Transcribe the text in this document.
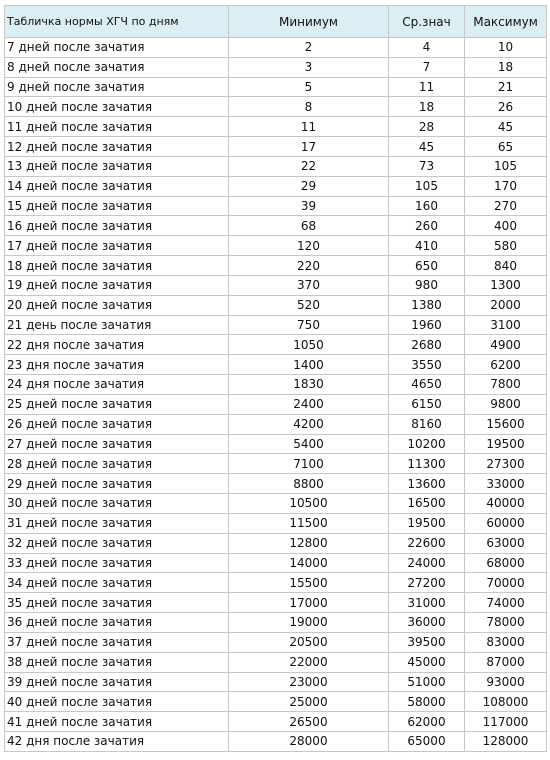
Табличка нормы ХГЧ по дням	Минимум	Ср.знач	Максимум
7 дней после зачатия	2	4	10
8 дней после зачатия	3	7	18
9 дней после зачатия	5	11	21
10 дней после зачатия	8	18	26
11 дней после зачатия	11	28	45
12 дней после зачатия	17	45	65
13 дней после зачатия	22	73	105
14 дней после зачатия	29	105	170
15 дней после зачатия	39	160	270
16 дней после зачатия	68	260	400
17 дней после зачатия	120	410	580
18 дней после зачатия	220	650	840
19 дней после зачатия	370	980	1300
20 дней после зачатия	520	1380	2000
21 день после зачатия	750	1960	3100
22 дня после зачатия	1050	2680	4900
23 дня после зачатия	1400	3550	6200
24 дня после зачатия	1830	4650	7800
25 дней после зачатия	2400	6150	9800
26 дней после зачатия	4200	8160	15600
27 дней после зачатия	5400	10200	19500
28 дней после зачатия	7100	11300	27300
29 дней после зачатия	8800	13600	33000
30 дней после зачатия	10500	16500	40000
31 дней после зачатия	11500	19500	60000
32 дней после зачатия	12800	22600	63000
33 дней после зачатия	14000	24000	68000
34 дней после зачатия	15500	27200	70000
35 дней после зачатия	17000	31000	74000
36 дней после зачатия	19000	36000	78000
37 дней после зачатия	20500	39500	83000
38 дней после зачатия	22000	45000	87000
39 дней после зачатия	23000	51000	93000
40 дней после зачатия	25000	58000	108000
41 дней после зачатия	26500	62000	117000
42 дня после зачатия	28000	65000	128000
